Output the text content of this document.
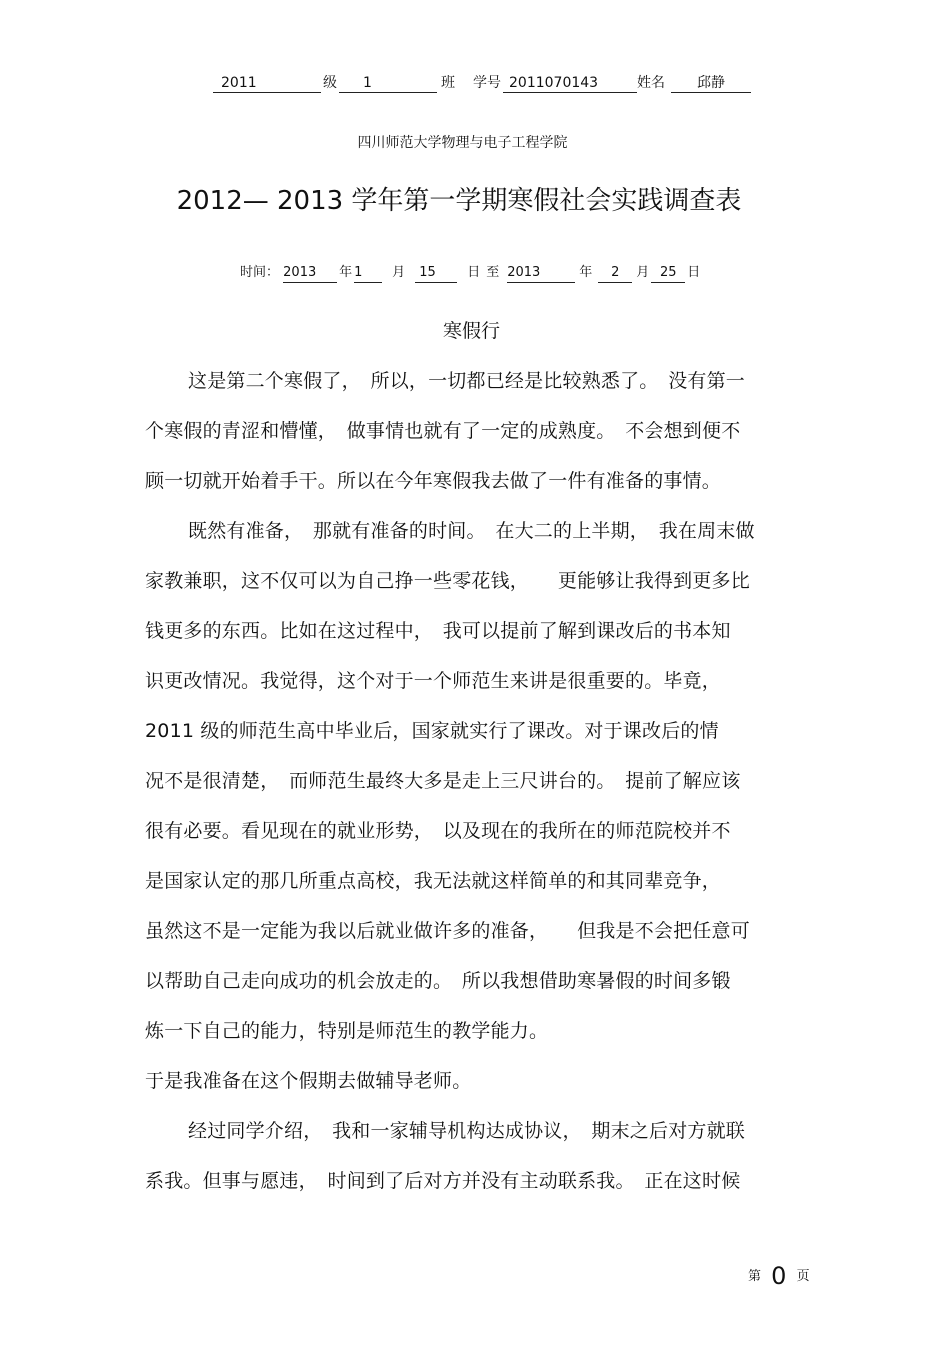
2011	级 1	班 学号 2011070143	姓名 邱静
四川师范大学物理与电子工程学院
2012— 2013 学年第一学期寒假社会实践调查表
时间： 2013 年 1 月 15 日 至 2013	年 2 月 25 日
寒假行
这是第二个寒假了，　所以，一切都已经是比较熟悉了。　没有第一
个寒假的青涩和懵懂，　做事情也就有了一定的成熟度。　不会想到便不
顾一切就开始着手干。所以在今年寒假我去做了一件有准备的事情。
既然有准备，　那就有准备的时间。　在大二的上半期，　我在周末做
家教兼职，这不仅可以为自己挣一些零花钱，　　更能够让我得到更多比
钱更多的东西。比如在这过程中，　我可以提前了解到课改后的书本知
识更改情况。我觉得，这个对于一个师范生来讲是很重要的。毕竟，
2011 级的师范生高中毕业后，国家就实行了课改。对于课改后的情
况不是很清楚，　而师范生最终大多是走上三尺讲台的。　提前了解应该
很有必要。看见现在的就业形势，　以及现在的我所在的师范院校并不
是国家认定的那几所重点高校，我无法就这样简单的和其同辈竞争，
虽然这不是一定能为我以后就业做许多的准备，　　但我是不会把任意可
以帮助自己走向成功的机会放走的。　所以我想借助寒暑假的时间多锻
炼一下自己的能力，特别是师范生的教学能力。
于是我准备在这个假期去做辅导老师。
经过同学介绍，　我和一家辅导机构达成协议，　期末之后对方就联
系我。但事与愿违，　时间到了后对方并没有主动联系我。　正在这时候
第 0 页
